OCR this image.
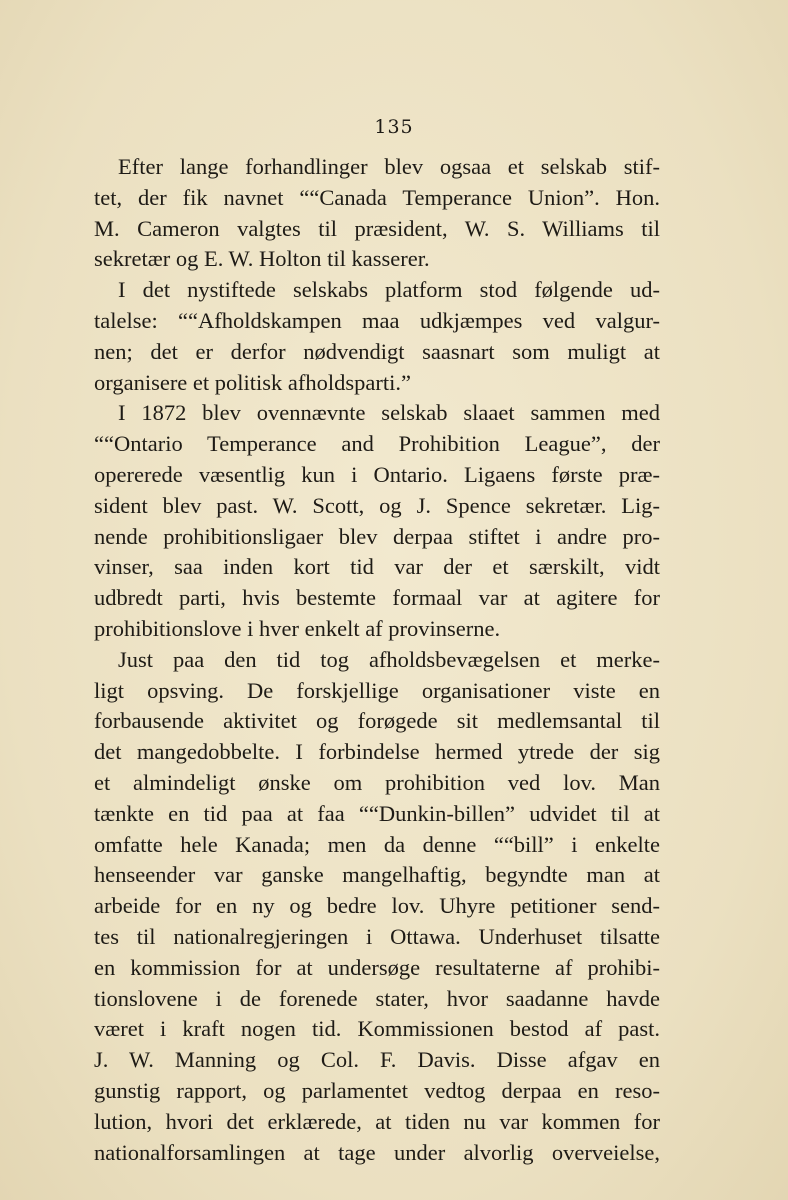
135
Efter lange forhandlinger blev ogsaa et selskab stif-
tet, der fik navnet ““Canada Temperance Union”. Hon.
M. Cameron valgtes til præsident, W. S. Williams til
sekretær og E. W. Holton til kasserer.
I det nystiftede selskabs platform stod følgende ud-
talelse: ““Afholdskampen maa udkjæmpes ved valgur-
nen; det er derfor nødvendigt saasnart som muligt at
organisere et politisk afholdsparti.”
I 1872 blev ovennævnte selskab slaaet sammen med
““Ontario Temperance and Prohibition League”, der
opererede væsentlig kun i Ontario. Ligaens første præ-
sident blev past. W. Scott, og J. Spence sekretær. Lig-
nende prohibitionsligaer blev derpaa stiftet i andre pro-
vinser, saa inden kort tid var der et særskilt, vidt
udbredt parti, hvis bestemte formaal var at agitere for
prohibitionslove i hver enkelt af provinserne.
Just paa den tid tog afholdsbevægelsen et merke-
ligt opsving. De forskjellige organisationer viste en
forbausende aktivitet og forøgede sit medlemsantal til
det mangedobbelte. I forbindelse hermed ytrede der sig
et almindeligt ønske om prohibition ved lov. Man
tænkte en tid paa at faa ““Dunkin-billen” udvidet til at
omfatte hele Kanada; men da denne ““bill” i enkelte
henseender var ganske mangelhaftig, begyndte man at
arbeide for en ny og bedre lov. Uhyre petitioner send-
tes til nationalregjeringen i Ottawa. Underhuset tilsatte
en kommission for at undersøge resultaterne af prohibi-
tionslovene i de forenede stater, hvor saadanne havde
været i kraft nogen tid. Kommissionen bestod af past.
J. W. Manning og Col. F. Davis. Disse afgav en
gunstig rapport, og parlamentet vedtog derpaa en reso-
lution, hvori det erklærede, at tiden nu var kommen for
nationalforsamlingen at tage under alvorlig overveielse,
